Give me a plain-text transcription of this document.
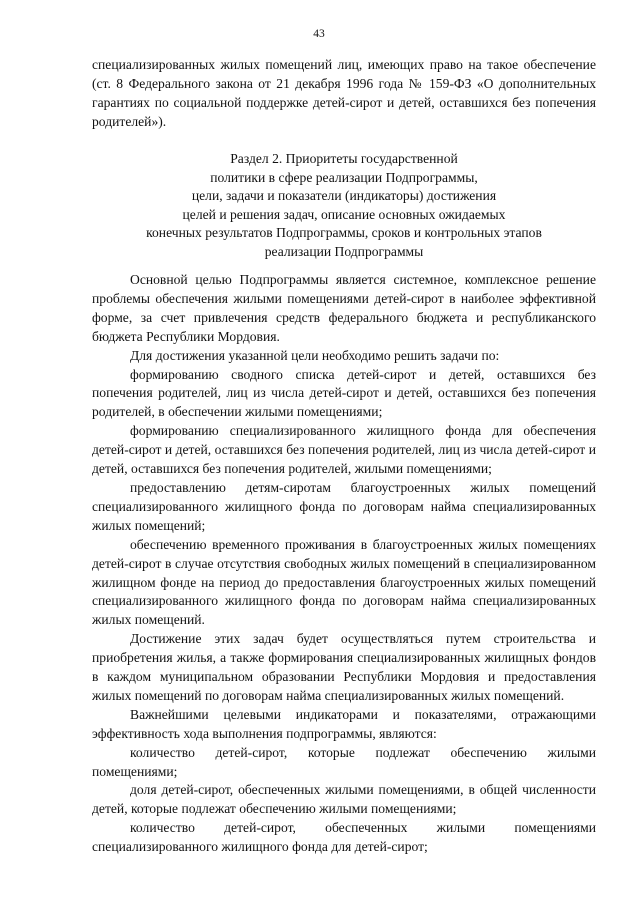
43

специализированных жилых помещений лиц, имеющих право на такое обеспечение (ст. 8 Федерального закона от 21 декабря 1996 года № 159-ФЗ «О дополнительных гарантиях по социальной поддержке детей-сирот и детей, оставшихся без попечения родителей»).

Раздел 2. Приоритеты государственной
политики в сфере реализации Подпрограммы,
цели, задачи и показатели (индикаторы) достижения
целей и решения задач, описание основных ожидаемых
конечных результатов Подпрограммы, сроков и контрольных этапов
реализации Подпрограммы

Основной целью Подпрограммы является системное, комплексное решение проблемы обеспечения жилыми помещениями детей-сирот в наиболее эффективной форме, за счет привлечения средств федерального бюджета и республиканского бюджета Республики Мордовия.

Для достижения указанной цели необходимо решить задачи по:

формированию сводного списка детей-сирот и детей, оставшихся без попечения родителей, лиц из числа детей-сирот и детей, оставшихся без попечения родителей, в обеспечении жилыми помещениями;

формированию специализированного жилищного фонда для обеспечения детей-сирот и детей, оставшихся без попечения родителей, лиц из числа детей-сирот и детей, оставшихся без попечения родителей, жилыми помещениями;

предоставлению детям-сиротам благоустроенных жилых помещений специализированного жилищного фонда по договорам найма специализированных жилых помещений;

обеспечению временного проживания в благоустроенных жилых помещениях детей-сирот в случае отсутствия свободных жилых помещений в специализированном жилищном фонде на период до предоставления благоустроенных жилых помещений специализированного жилищного фонда по договорам найма специализированных жилых помещений.

Достижение этих задач будет осуществляться путем строительства и приобретения жилья, а также формирования специализированных жилищных фондов в каждом муниципальном образовании Республики Мордовия и предоставления жилых помещений по договорам найма специализированных жилых помещений.

Важнейшими целевыми индикаторами и показателями, отражающими эффективность хода выполнения подпрограммы, являются:

количество детей-сирот, которые подлежат обеспечению жилыми помещениями;

доля детей-сирот, обеспеченных жилыми помещениями, в общей численности детей, которые подлежат обеспечению жилыми помещениями;

количество детей-сирот, обеспеченных жилыми помещениями специализированного жилищного фонда для детей-сирот;
